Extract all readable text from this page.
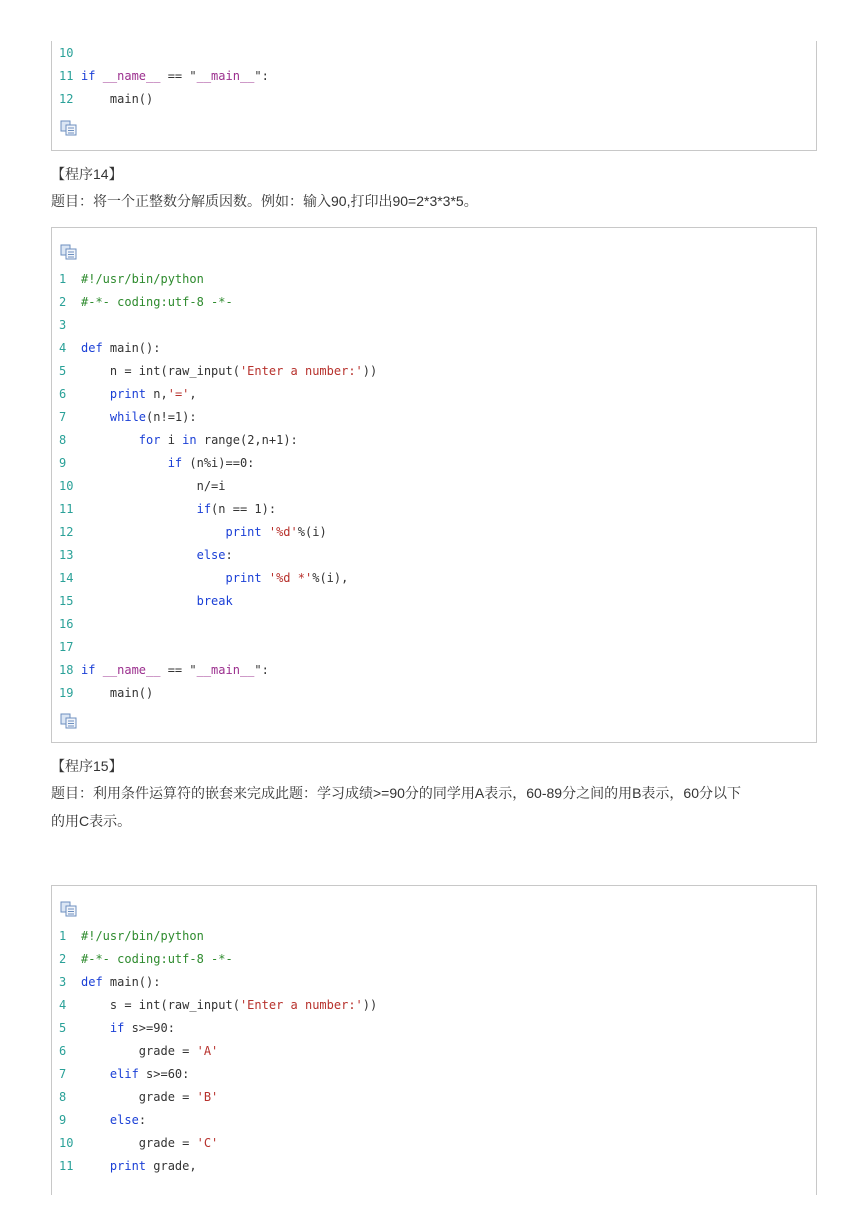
10
11 if __name__ == "__main__":
12 main()
【程序14】
题目：将一个正整数分解质因数。例如：输入90,打印出90=2*3*3*5。
1	#!/usr/bin/python
2	#-*- coding:utf-8 -*-
3
4	def main():
5	n = int(raw_input('Enter a number:'))
6	print n,'=',
7	while(n!=1):
8	for i in range(2,n+1):
9	if (n%i)==0:
10 n/=i
11	if(n == 1):
12	print '%d'%(i)
13	else:
14	print '%d *'%(i),
15	break
16
17
18 if __name__ == "__main__":
19 main()
【程序15】
题目：利用条件运算符的嵌套来完成此题：学习成绩>=90分的同学用A表示，60-89分之间的用B表示，60分以下
的用C表示。
1	#!/usr/bin/python
2	#-*- coding:utf-8 -*-
3	def main():
4	s = int(raw_input('Enter a number:'))
5	if s>=90:
6	grade = 'A'
7	elif s>=60:
8	grade = 'B'
9	else:
10 grade = 'C'
11	print grade,
